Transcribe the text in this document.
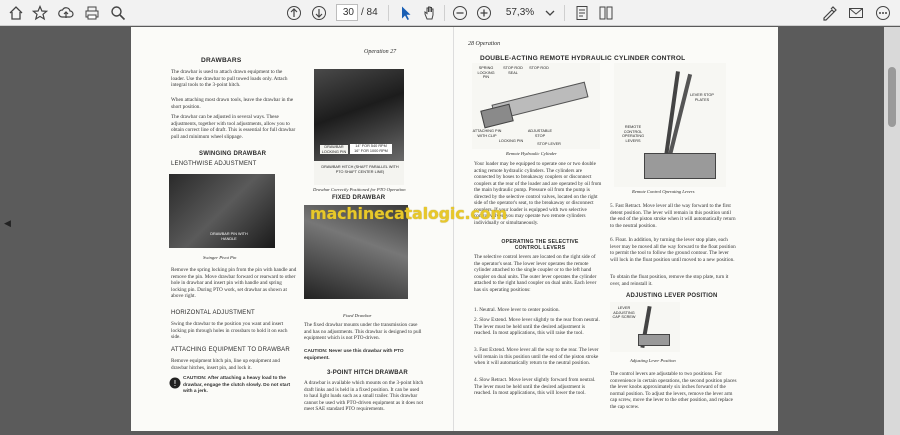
30 / 84	57,3%
◀
Operation 27
DRAWBARS
The drawbar is used to attach drawn equipment to the loader. Use the drawbar to pull towed loads only. Attach integral tools to the 3-point hitch.
When attaching most drawn tools, leave the drawbar in the short position.
The drawbar can be adjusted in several ways. These adjustments, together with tool adjustments, allow you to obtain correct line of draft. This is essential for full drawbar pull and minimum wheel slippage.
SWINGING DRAWBAR
LENGTHWISE ADJUSTMENT
DRAWBAR LOCKING PIN
14" FOR 540 RPM
16" FOR 1000 RPM
DRAWBAR HITCH (SHAFT PARALLEL WITH PTO SHAFT CENTER LINE)
Drawbar Correctly Positioned for PTO Operation
DRAWBAR PIN WITH HANDLE
Swinger Pivot Pin
FIXED DRAWBAR
Fixed Drawbar
Remove the spring locking pin from the pin with handle and remove the pin. Move drawbar forward or rearward to other hole in drawbar and insert pin with handle and spring locking pin. During PTO work, set drawbar as shown at above right.
HORIZONTAL ADJUSTMENT
Swing the drawbar to the position you want and insert locking pin through holes in crossbars to hold it on each side.
ATTACHING EQUIPMENT TO DRAWBAR
Remove equipment hitch pin, line up equipment and drawbar hitches, insert pin, and lock it.
!
CAUTION: After attaching a heavy load to the drawbar, engage the clutch slowly. Do not start with a jerk.
The fixed drawbar mounts under the transmission case and has no adjustments. This drawbar is designed to pull equipment which is not PTO-driven.
CAUTION: Never use this drawbar with PTO equipment.
3-POINT HITCH DRAWBAR
A drawbar is available which mounts on the 3-point hitch draft links and is held in a fixed position. It can be used to haul light loads such as a small trailer. This drawbar cannot be used with PTO-driven equipment as it does not meet SAE standard PTO requirements.
28 Operation
DOUBLE-ACTING REMOTE HYDRAULIC CYLINDER CONTROL
SPRING LOCKING PIN
STOP ROD SEAL
STOP ROD
ADJUSTABLE STOP
ATTACHING PIN WITH CLIP
LOCKING PIN
STOP LEVER
Remote Hydraulic Cylinder
LEVER STOP PLATES
REMOTE CONTROL OPERATING LEVERS
Remote Control Operating Levers
Your loader may be equipped to operate one or two double acting remote hydraulic cylinders. The cylinders are connected by hoses to breakaway couplers or disconnect couplers at the rear of the loader and are operated by oil from the main hydraulic pump. Pressure oil from the pump is directed by the selective control valves, located on the right side of the operator's seat, to the breakaway or disconnect couplers. If your loader is equipped with two selective control valves, you may operate two remote cylinders individually or simultaneously.
OPERATING THE SELECTIVE CONTROL LEVERS
The selective control levers are located on the right side of the operator's seat. The lower lever operates the remote cylinder attached to the single coupler or to the left hand coupler on dual units. The outer lever operates the cylinder attached to the right hand coupler on dual units. Each lever has six operating positions:
1. Neutral. Move lever to center position.
2. Slow Extend. Move lever slightly to the rear from neutral. The lever must be held until the desired adjustment is reached. In most applications, this will raise the tool.
3. Fast Extend. Move lever all the way to the rear. The lever will remain in this position until the end of the piston stroke when it will automatically return to the neutral position.
4. Slow Retract. Move lever slightly forward from neutral. The lever must be held until the desired adjustment is reached. In most applications, this will lower the tool.
5. Fast Retract. Move lever all the way forward to the first detent position. The lever will remain in this position until the end of the piston stroke when it will automatically return to the neutral position.
6. Float. In addition, by turning the lever stop plate, each lever may be moved all the way forward to the float position to permit the tool to follow the ground contour. The lever will lock in the float position until moved to a new position.
To obtain the float position, remove the stop plate, turn it over, and reinstall it.
ADJUSTING LEVER POSITION
LEVER ADJUSTING CAP SCREW
Adjusting Lever Position
The control levers are adjustable to two positions. For convenience in certain operations, the second position places the lever knobs approximately six inches forward of the normal position. To adjust the levers, remove the lever arm cap screw, move the lever to the other position, and replace the cap screw.
machinecatalogic.com
